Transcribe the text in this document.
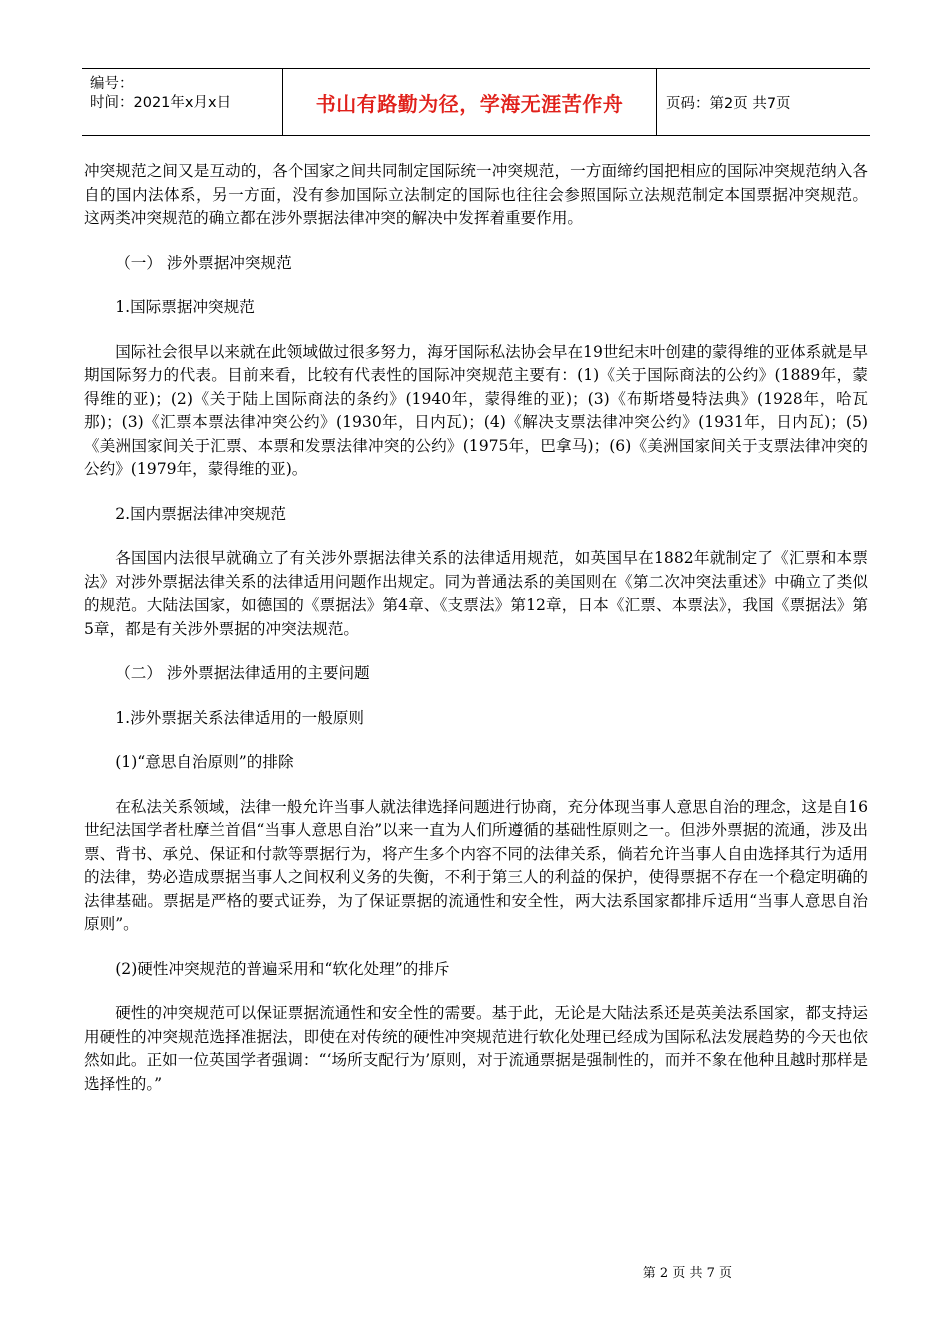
编号：
时间：2021年x月x日	书山有路勤为径，学海无涯苦作舟	页码：第2页 共7页

冲突规范之间又是互动的，各个国家之间共同制定国际统一冲突规范，一方面缔约国把相应的国际冲突规范纳入各自的国内法体系，另一方面，没有参加国际立法制定的国际也往往会参照国际立法规范制定本国票据冲突规范。 这两类冲突规范的确立都在涉外票据法律冲突的解决中发挥着重要作用。

（一） 涉外票据冲突规范

1.国际票据冲突规范

国际社会很早以来就在此领域做过很多努力，海牙国际私法协会早在19世纪末叶创建的蒙得维的亚体系就是早期国际努力的代表。目前来看，比较有代表性的国际冲突规范主要有：(1)《关于国际商法的公约》(1889年，蒙得维的亚)；(2)《关于陆上国际商法的条约》(1940年，蒙得维的亚)；(3)《布斯塔曼特法典》(1928年，哈瓦那)；(3)《汇票本票法律冲突公约》(1930年，日内瓦)；(4)《解决支票法律冲突公约》(1931年，日内瓦)；(5)《美洲国家间关于汇票、本票和发票法律冲突的公约》(1975年，巴拿马)；(6)《美洲国家间关于支票法律冲突的公约》(1979年，蒙得维的亚)。

2.国内票据法律冲突规范

各国国内法很早就确立了有关涉外票据法律关系的法律适用规范，如英国早在1882年就制定了《汇票和本票法》对涉外票据法律关系的法律适用问题作出规定。同为普通法系的美国则在《第二次冲突法重述》中确立了类似的规范。大陆法国家，如德国的《票据法》第4章、《支票法》第12章，日本《汇票、本票法》，我国《票据法》第5章，都是有关涉外票据的冲突法规范。

（二） 涉外票据法律适用的主要问题

1.涉外票据关系法律适用的一般原则

(1)“意思自治原则”的排除

在私法关系领域，法律一般允许当事人就法律选择问题进行协商，充分体现当事人意思自治的理念，这是自16世纪法国学者杜摩兰首倡“当事人意思自治”以来一直为人们所遵循的基础性原则之一。但涉外票据的流通，涉及出票、背书、承兑、保证和付款等票据行为，将产生多个内容不同的法律关系，倘若允许当事人自由选择其行为适用的法律，势必造成票据当事人之间权利义务的失衡，不利于第三人的利益的保护，使得票据不存在一个稳定明确的法律基础。票据是严格的要式证券，为了保证票据的流通性和安全性，两大法系国家都排斥适用“当事人意思自治原则”。

(2)硬性冲突规范的普遍采用和“软化处理”的排斥

硬性的冲突规范可以保证票据流通性和安全性的需要。基于此，无论是大陆法系还是英美法系国家，都支持运用硬性的冲突规范选择准据法，即使在对传统的硬性冲突规范进行软化处理已经成为国际私法发展趋势的今天也依然如此。正如一位英国学者强调：“‘场所支配行为’原则，对于流通票据是强制性的，而并不象在他种且越时那样是选择性的。”

第 2 页 共 7 页
